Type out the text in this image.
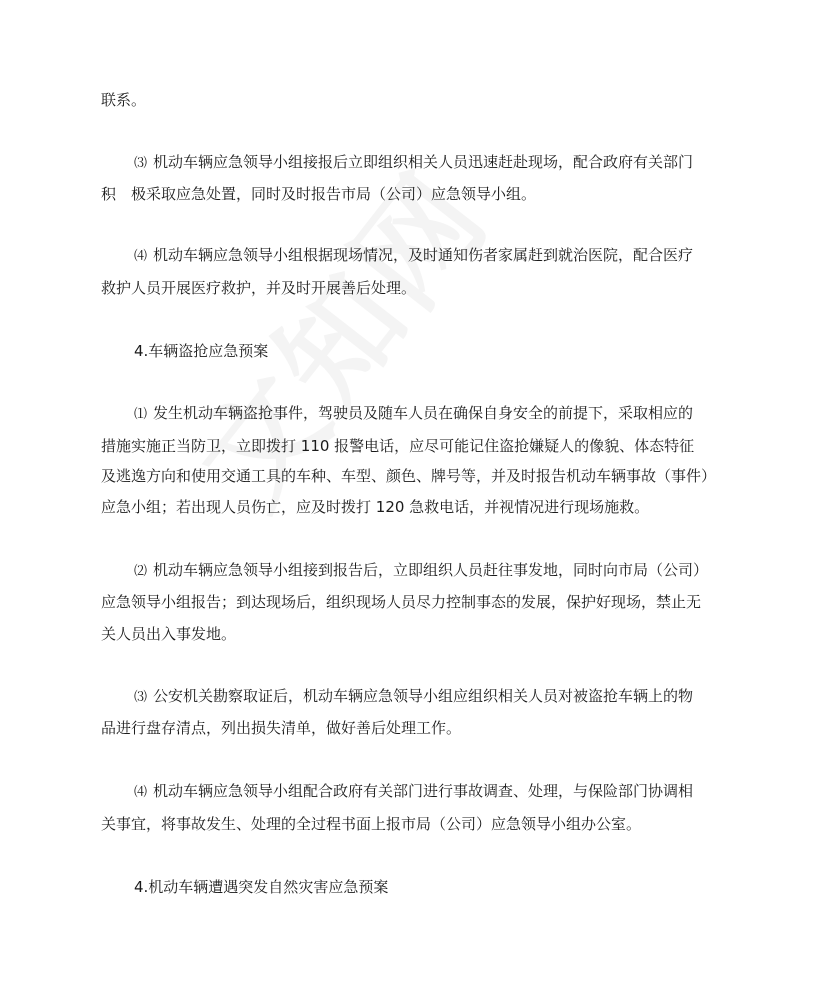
联系。
⑶ 机动车辆应急领导小组接报后立即组织相关人员迅速赶赴现场，配合政府有关部门
积　极采取应急处置，同时及时报告市局（公司）应急领导小组。
⑷ 机动车辆应急领导小组根据现场情况，及时通知伤者家属赶到就治医院，配合医疗
救护人员开展医疗救护，并及时开展善后处理。
4.车辆盗抢应急预案
⑴ 发生机动车辆盗抢事件，驾驶员及随车人员在确保自身安全的前提下，采取相应的
措施实施正当防卫，立即拨打 110 报警电话，应尽可能记住盗抢嫌疑人的像貌、体态特征
及逃逸方向和使用交通工具的车种、车型、颜色、牌号等，并及时报告机动车辆事故（事件）
应急小组；若出现人员伤亡，应及时拨打 120 急救电话，并视情况进行现场施救。
⑵ 机动车辆应急领导小组接到报告后，立即组织人员赶往事发地，同时向市局（公司）
应急领导小组报告；到达现场后，组织现场人员尽力控制事态的发展，保护好现场，禁止无
关人员出入事发地。
⑶ 公安机关勘察取证后，机动车辆应急领导小组应组织相关人员对被盗抢车辆上的物
品进行盘存清点，列出损失清单，做好善后处理工作。
⑷ 机动车辆应急领导小组配合政府有关部门进行事故调查、处理，与保险部门协调相
关事宜，将事故发生、处理的全过程书面上报市局（公司）应急领导小组办公室。
4.机动车辆遭遇突发自然灾害应急预案
